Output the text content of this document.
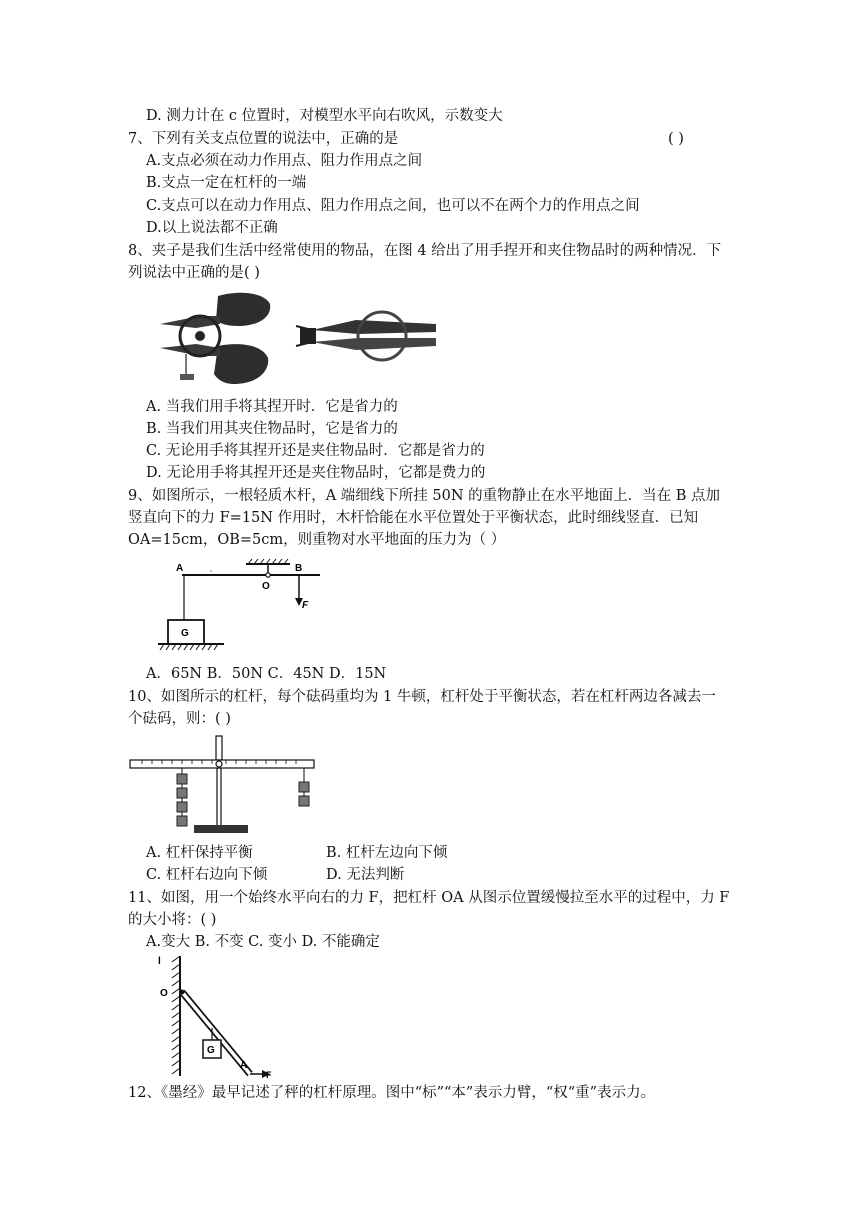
D. 测力计在 c 位置时，对模型水平向右吹风，示数变大
7、下列有关支点位置的说法中，正确的是	( )
A.支点必须在动力作用点、阻力作用点之间
B.支点一定在杠杆的一端
C.支点可以在动力作用点、阻力作用点之间，也可以不在两个力的作用点之间
D.以上说法都不正确
8、夹子是我们生活中经常使用的物品，在图 4 给出了用手捏开和夹住物品时的两种情况．下
列说法中正确的是( )
A. 当我们用手将其捏开时．它是省力的
B. 当我们用其夹住物品时，它是省力的
C. 无论用手将其捏开还是夹住物品时．它都是省力的
D. 无论用手将其捏开还是夹住物品时，它都是费力的
9、如图所示，一根轻质木杆，A 端细线下所挂 50N 的重物静止在水平地面上．当在 B 点加
竖直向下的力 F=15N 作用时，木杆恰能在水平位置处于平衡状态，此时细线竖直．已知
OA=15cm，OB=5cm，则重物对水平地面的压力为（ ）
-
A
O
B
F
G
A．65N B．50N C．45N D．15N
10、如图所示的杠杆，每个砝码重均为 1 牛顿，杠杆处于平衡状态，若在杠杆两边各减去一
个砝码，则：( )
A. 杠杆保持平衡	B. 杠杆左边向下倾
C. 杠杆右边向下倾	D. 无法判断
11、如图，用一个始终水平向右的力 F，把杠杆 OA 从图示位置缓慢拉至水平的过程中，力 F
的大小将：( )
A.变大 B. 不变 C. 变小 D. 不能确定
l
O
G
A
F
12、《墨经》最早记述了秤的杠杆原理。图中“标”“本”表示力臂，“权“重”表示力。
